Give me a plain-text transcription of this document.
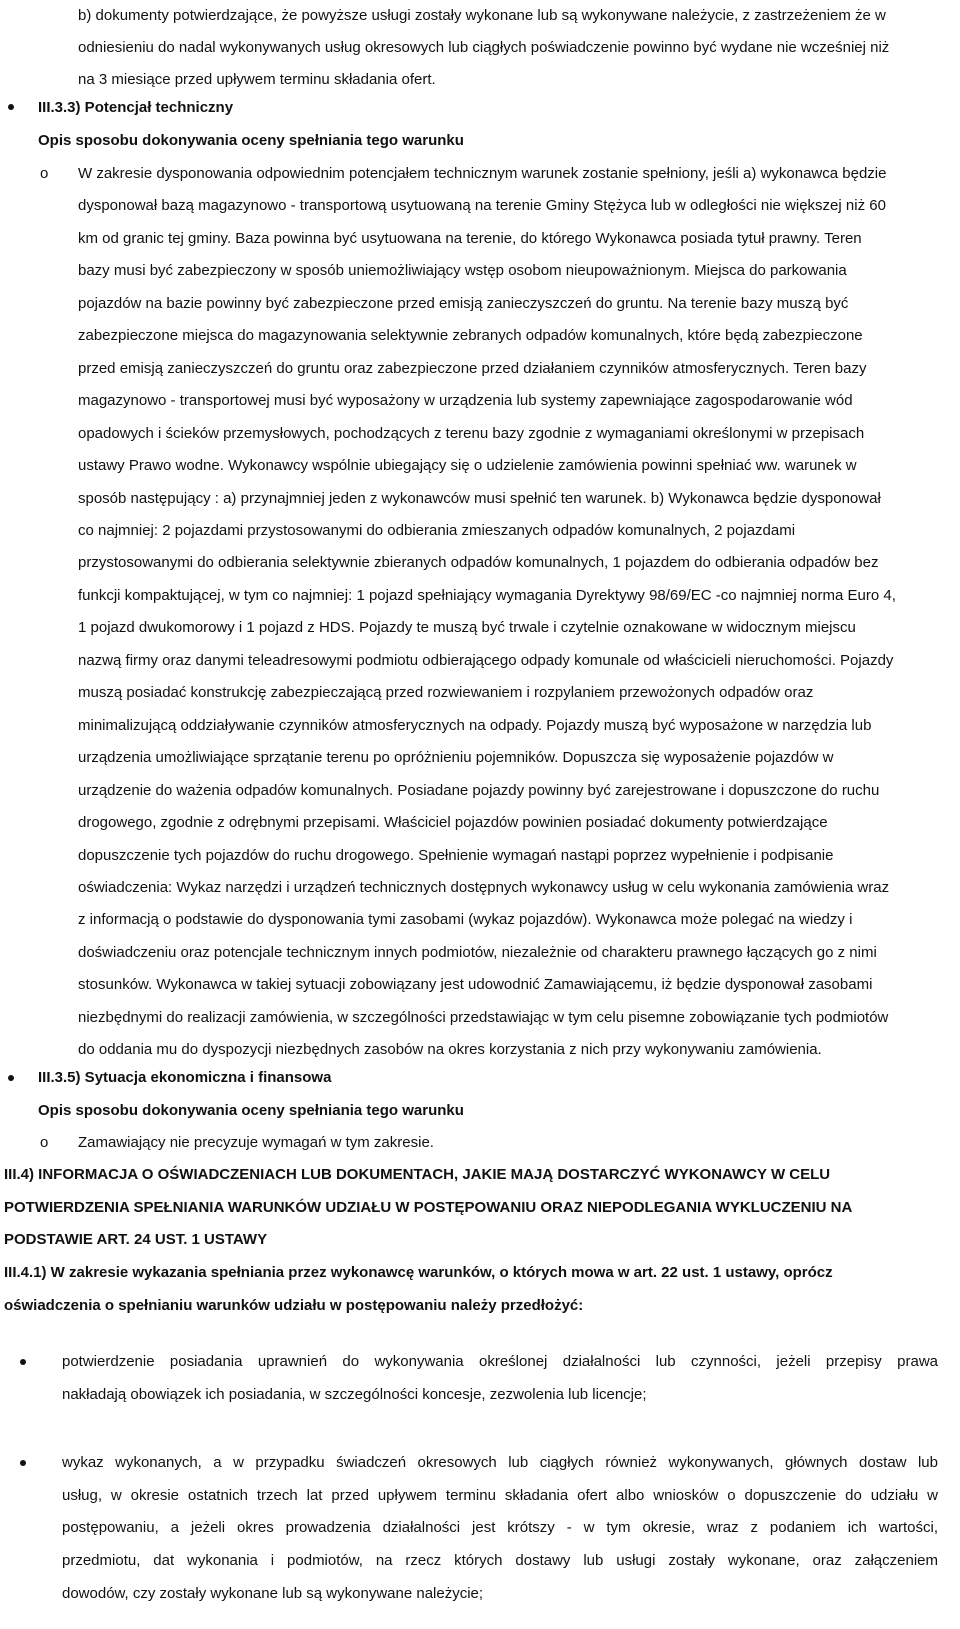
b) dokumenty potwierdzające, że powyższe usługi zostały wykonane lub są wykonywane należycie, z zastrzeżeniem że w
odniesieniu do nadal wykonywanych usług okresowych lub ciągłych poświadczenie powinno być wydane nie wcześniej niż
na 3 miesiące przed upływem terminu składania ofert.
III.3.3) Potencjał techniczny
Opis sposobu dokonywania oceny spełniania tego warunku
o W zakresie dysponowania odpowiednim potencjałem technicznym warunek zostanie spełniony, jeśli a) wykonawca będzie
dysponował bazą magazynowo - transportową usytuowaną na terenie Gminy Stężyca lub w odległości nie większej niż 60
km od granic tej gminy. Baza powinna być usytuowana na terenie, do którego Wykonawca posiada tytuł prawny. Teren
bazy musi być zabezpieczony w sposób uniemożliwiający wstęp osobom nieupoważnionym. Miejsca do parkowania
pojazdów na bazie powinny być zabezpieczone przed emisją zanieczyszczeń do gruntu. Na terenie bazy muszą być
zabezpieczone miejsca do magazynowania selektywnie zebranych odpadów komunalnych, które będą zabezpieczone
przed emisją zanieczyszczeń do gruntu oraz zabezpieczone przed działaniem czynników atmosferycznych. Teren bazy
magazynowo - transportowej musi być wyposażony w urządzenia lub systemy zapewniające zagospodarowanie wód
opadowych i ścieków przemysłowych, pochodzących z terenu bazy zgodnie z wymaganiami określonymi w przepisach
ustawy Prawo wodne. Wykonawcy wspólnie ubiegający się o udzielenie zamówienia powinni spełniać ww. warunek w
sposób następujący : a) przynajmniej jeden z wykonawców musi spełnić ten warunek. b) Wykonawca będzie dysponował
co najmniej: 2 pojazdami przystosowanymi do odbierania zmieszanych odpadów komunalnych, 2 pojazdami
przystosowanymi do odbierania selektywnie zbieranych odpadów komunalnych, 1 pojazdem do odbierania odpadów bez
funkcji kompaktującej, w tym co najmniej: 1 pojazd spełniający wymagania Dyrektywy 98/69/EC -co najmniej norma Euro 4,
1 pojazd dwukomorowy i 1 pojazd z HDS. Pojazdy te muszą być trwale i czytelnie oznakowane w widocznym miejscu
nazwą firmy oraz danymi teleadresowymi podmiotu odbierającego odpady komunale od właścicieli nieruchomości. Pojazdy
muszą posiadać konstrukcję zabezpieczającą przed rozwiewaniem i rozpylaniem przewożonych odpadów oraz
minimalizującą oddziaływanie czynników atmosferycznych na odpady. Pojazdy muszą być wyposażone w narzędzia lub
urządzenia umożliwiające sprzątanie terenu po opróżnieniu pojemników. Dopuszcza się wyposażenie pojazdów w
urządzenie do ważenia odpadów komunalnych. Posiadane pojazdy powinny być zarejestrowane i dopuszczone do ruchu
drogowego, zgodnie z odrębnymi przepisami. Właściciel pojazdów powinien posiadać dokumenty potwierdzające
dopuszczenie tych pojazdów do ruchu drogowego. Spełnienie wymagań nastąpi poprzez wypełnienie i podpisanie
oświadczenia: Wykaz narzędzi i urządzeń technicznych dostępnych wykonawcy usług w celu wykonania zamówienia wraz
z informacją o podstawie do dysponowania tymi zasobami (wykaz pojazdów). Wykonawca może polegać na wiedzy i
doświadczeniu oraz potencjale technicznym innych podmiotów, niezależnie od charakteru prawnego łączących go z nimi
stosunków. Wykonawca w takiej sytuacji zobowiązany jest udowodnić Zamawiającemu, iż będzie dysponował zasobami
niezbędnymi do realizacji zamówienia, w szczególności przedstawiając w tym celu pisemne zobowiązanie tych podmiotów
do oddania mu do dyspozycji niezbędnych zasobów na okres korzystania z nich przy wykonywaniu zamówienia.
III.3.5) Sytuacja ekonomiczna i finansowa
Opis sposobu dokonywania oceny spełniania tego warunku
o Zamawiający nie precyzuje wymagań w tym zakresie.
III.4) INFORMACJA O OŚWIADCZENIACH LUB DOKUMENTACH, JAKIE MAJĄ DOSTARCZYĆ WYKONAWCY W CELU
POTWIERDZENIA SPEŁNIANIA WARUNKÓW UDZIAŁU W POSTĘPOWANIU ORAZ NIEPODLEGANIA WYKLUCZENIU NA
PODSTAWIE ART. 24 UST. 1 USTAWY
III.4.1) W zakresie wykazania spełniania przez wykonawcę warunków, o których mowa w art. 22 ust. 1 ustawy, oprócz
oświadczenia o spełnianiu warunków udziału w postępowaniu należy przedłożyć:
potwierdzenie posiadania uprawnień do wykonywania określonej działalności lub czynności, jeżeli przepisy prawa
nakładają obowiązek ich posiadania, w szczególności koncesje, zezwolenia lub licencje;
wykaz wykonanych, a w przypadku świadczeń okresowych lub ciągłych również wykonywanych, głównych dostaw lub
usług, w okresie ostatnich trzech lat przed upływem terminu składania ofert albo wniosków o dopuszczenie do udziału w
postępowaniu, a jeżeli okres prowadzenia działalności jest krótszy - w tym okresie, wraz z podaniem ich wartości,
przedmiotu, dat wykonania i podmiotów, na rzecz których dostawy lub usługi zostały wykonane, oraz załączeniem
dowodów, czy zostały wykonane lub są wykonywane należycie;
